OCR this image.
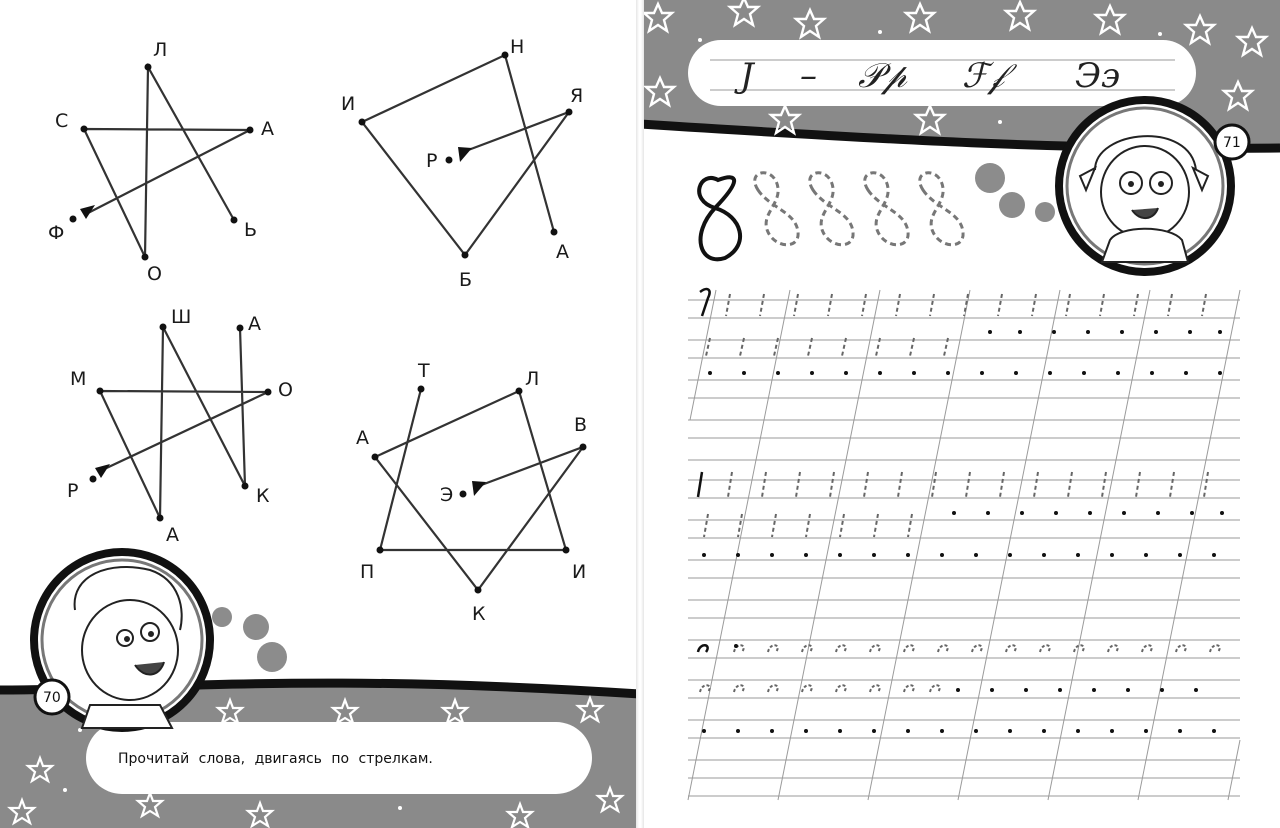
Л
С	А
Ф	Ь
О
Н
И	Я
Р
А
Б
Ш	А
М	О
Р	К
А
Т	Л
А
В
Э
П	И
К
70
Прочитай слова, двигаясь по стрелкам.
Ј – 𝒫𝓅 ℱ𝒻	Ээ
71
